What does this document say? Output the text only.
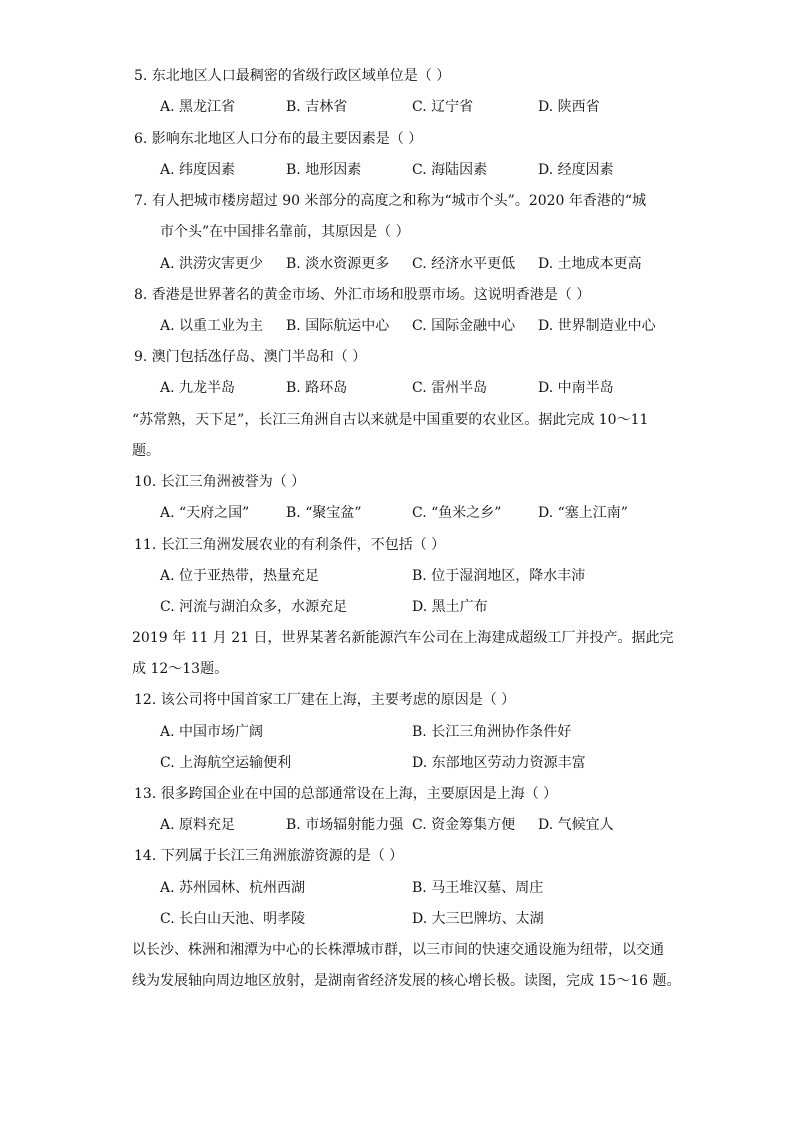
5. 东北地区人口最稠密的省级行政区域单位是（ ）
A. 黑龙江省	B. 吉林省	C. 辽宁省	D. 陕西省
6. 影响东北地区人口分布的最主要因素是（ ）
A. 纬度因素	B. 地形因素	C. 海陆因素	D. 经度因素
7. 有人把城市楼房超过 90 米部分的高度之和称为“城市个头”。2020 年香港的“城
市个头”在中国排名靠前，其原因是（ ）
A. 洪涝灾害更少 B. 淡水资源更多 C. 经济水平更低 D. 土地成本更高
8. 香港是世界著名的黄金市场、外汇市场和股票市场。这说明香港是（ ）
A. 以重工业为主 B. 国际航运中心 C. 国际金融中心 D. 世界制造业中心
9. 澳门包括氹仔岛、澳门半岛和（ ）
A. 九龙半岛	B. 路环岛	C. 雷州半岛	D. 中南半岛
“苏常熟，天下足”，长江三角洲自古以来就是中国重要的农业区。据此完成 10～11
题。
10. 长江三角洲被誉为（ ）
A. “天府之国”	B. “聚宝盆”	C. “鱼米之乡”	D. “塞上江南”
11. 长江三角洲发展农业的有利条件，不包括（ ）
A. 位于亚热带，热量充足	B. 位于湿润地区，降水丰沛
C. 河流与湖泊众多，水源充足	D. 黑土广布
2019 年 11 月 21 日，世界某著名新能源汽车公司在上海建成超级工厂并投产。据此完
成 12～13题。
12. 该公司将中国首家工厂建在上海，主要考虑的原因是（ ）
A. 中国市场广阔	B. 长江三角洲协作条件好
C. 上海航空运输便利	D. 东部地区劳动力资源丰富
13. 很多跨国企业在中国的总部通常设在上海，主要原因是上海（ ）
A. 原料充足	B. 市场辐射能力强 C. 资金筹集方便 D. 气候宜人
14. 下列属于长江三角洲旅游资源的是（ ）
A. 苏州园林、杭州西湖	B. 马王堆汉墓、周庄
C. 长白山天池、明孝陵	D. 大三巴牌坊、太湖
以长沙、株洲和湘潭为中心的长株潭城市群，以三市间的快速交通设施为纽带，以交通
线为发展轴向周边地区放射，是湖南省经济发展的核心增长极。读图，完成 15～16 题。
